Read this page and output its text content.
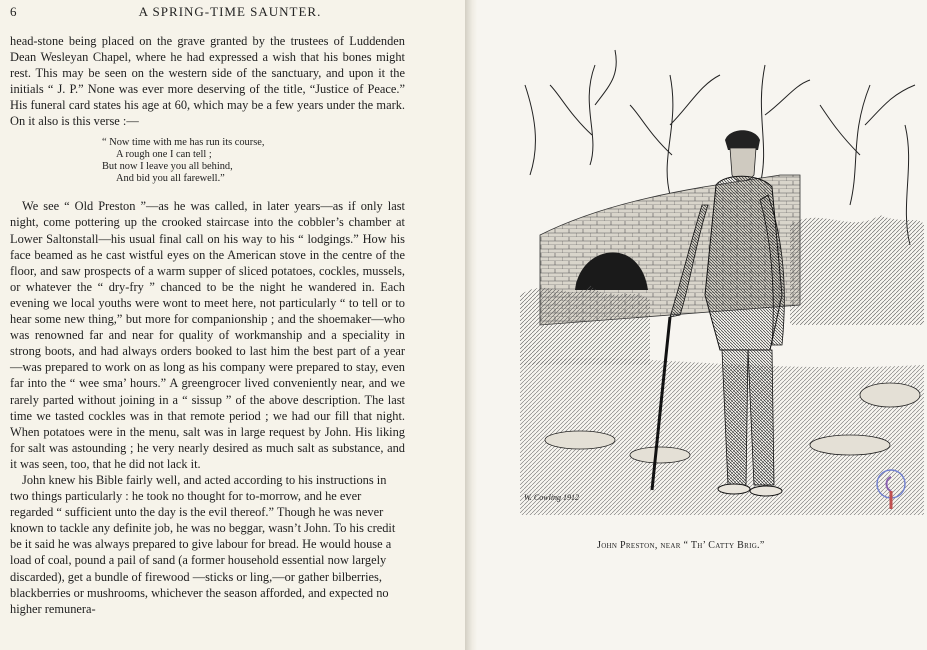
6	A SPRING-TIME SAUNTER.

head-stone being placed on the grave granted by the trustees of Luddenden Dean Wesleyan Chapel, where he had expressed a wish that his bones might rest. This may be seen on the western side of the sanctuary, and upon it the initials “ J. P.” None was ever more deserving of the title, “Justice of Peace.” His funeral card states his age at 60, which may be a few years under the mark. On it also is this verse :—

“ Now time with me has run its course,
A rough one I can tell ;
But now I leave you all behind,
And bid you all farewell.”

We see “ Old Preston ”—as he was called, in later years—as if only last night, come pottering up the crooked staircase into the cobbler’s chamber at Lower Saltonstall—his usual final call on his way to his “ lodgings.” How his face beamed as he cast wistful eyes on the American stove in the centre of the floor, and saw prospects of a warm supper of sliced potatoes, cockles, mussels, or whatever the “ dry-fry ” chanced to be the night he wandered in. Each evening we local youths were wont to meet here, not particularly “ to tell or to hear some new thing,” but more for companionship ; and the shoemaker—who was renowned far and near for quality of workmanship and a speciality in strong boots, and had always orders booked to last him the best part of a year—was prepared to work on as long as his company were prepared to stay, even far into the “ wee sma’ hours.” A greengrocer lived conveniently near, and we rarely parted without joining in a “ sissup ” of the above description. The last time we tasted cockles was in that remote period ; we had our fill that night. When potatoes were in the menu, salt was in large request by John. His liking for salt was astounding ; he very nearly desired as much salt as substance, and it was seen, too, that he did not lack it.

John knew his Bible fairly well, and acted according to his instructions in two things particularly : he took no thought for to-morrow, and he ever regarded “ sufficient unto the day is the evil thereof.” Though he was never known to tackle any definite job, he was no beggar, wasn’t John. To his credit be it said he was always prepared to give labour for bread. He would house a load of coal, pound a pail of sand (a former household essential now largely discarded), get a bundle of firewood —sticks or ling,—or gather bilberries, blackberries or mushrooms, whichever the season afforded, and expected no higher remunera-

W. Cowling 1912
John Preston, near “ Th’ Catty Brig.”
